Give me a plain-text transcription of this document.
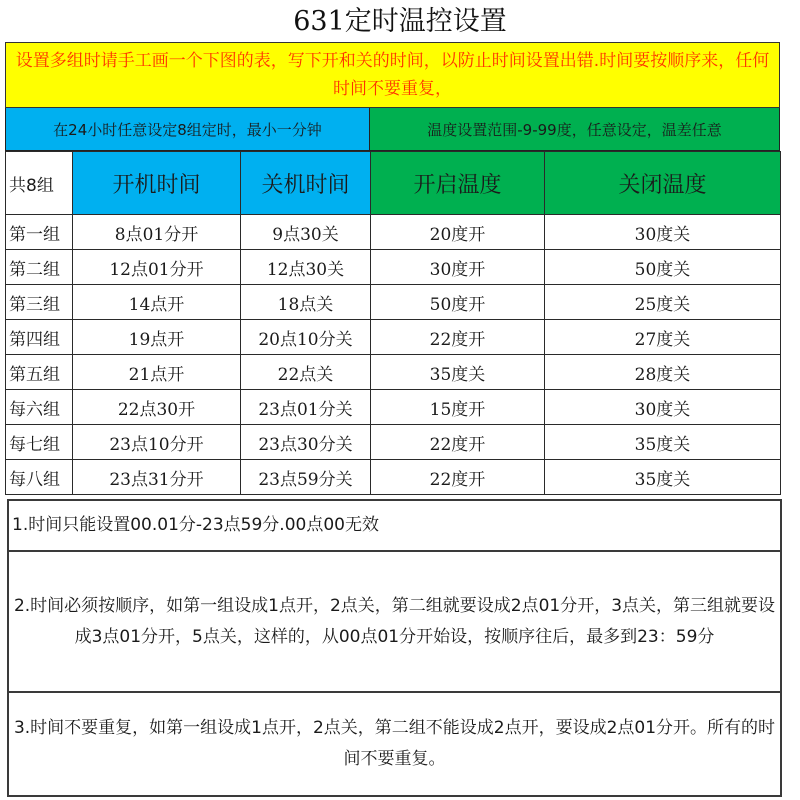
631定时温控设置
设置多组时请手工画一个下图的表，写下开和关的时间，以防止时间设置出错.时间要按顺序来，任何时间不要重复，
在24小时任意设定8组定时，最小一分钟	温度设置范围-9-99度，任意设定，温差任意
共8组	开机时间	关机时间	开启温度	关闭温度
第一组	8点01分开	9点30关	20度开	30度关
第二组	12点01分开	12点30关	30度开	50度关
第三组	14点开	18点关	50度开	25度关
第四组	19点开	20点10分关	22度开	27度关
第五组	21点开	22点关	35度关	28度关
每六组	22点30开	23点01分关	15度开	30度关
每七组	23点10分开	23点30分关	22度开	35度关
每八组	23点31分开	23点59分关	22度开	35度关
1.时间只能设置00.01分-23点59分.00点00无效
2.时间必须按顺序，如第一组设成1点开，2点关，第二组就要设成2点01分开，3点关，第三组就要设成3点01分开，5点关，这样的，从00点01分开始设，按顺序往后，最多到23：59分
3.时间不要重复，如第一组设成1点开，2点关，第二组不能设成2点开，要设成2点01分开。所有的时间不要重复。
